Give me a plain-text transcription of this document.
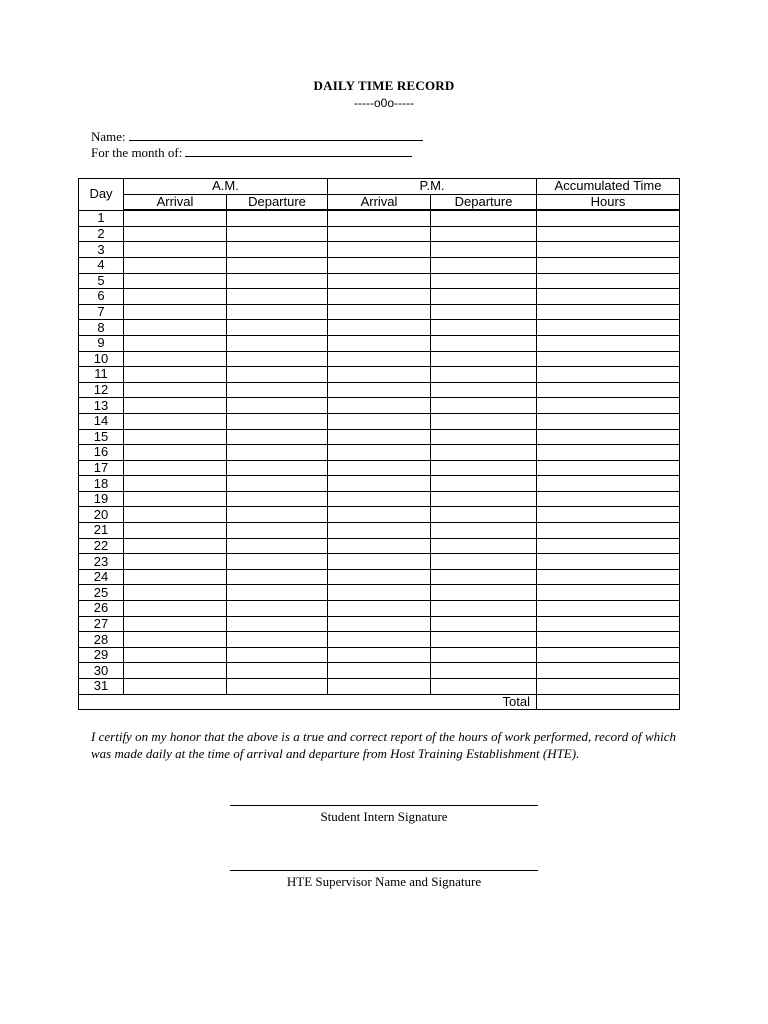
DAILY TIME RECORD
-----o0o-----
Name:
For the month of:
Day	A.M.		P.M.		Accumulated Time
	Arrival	Departure	Arrival	Departure	Hours
1					
2					
3					
4					
5					
6					
7					
8					
9					
10					
11					
12					
13					
14					
15					
16					
17					
18					
19					
20					
21					
22					
23					
24					
25					
26					
27					
28					
29					
30					
31					
Total					
I certify on my honor that the above is a true and correct report of the hours of work performed, record of which was made daily at the time of arrival and departure from Host Training Establishment (HTE).
Student Intern Signature
HTE Supervisor Name and Signature
